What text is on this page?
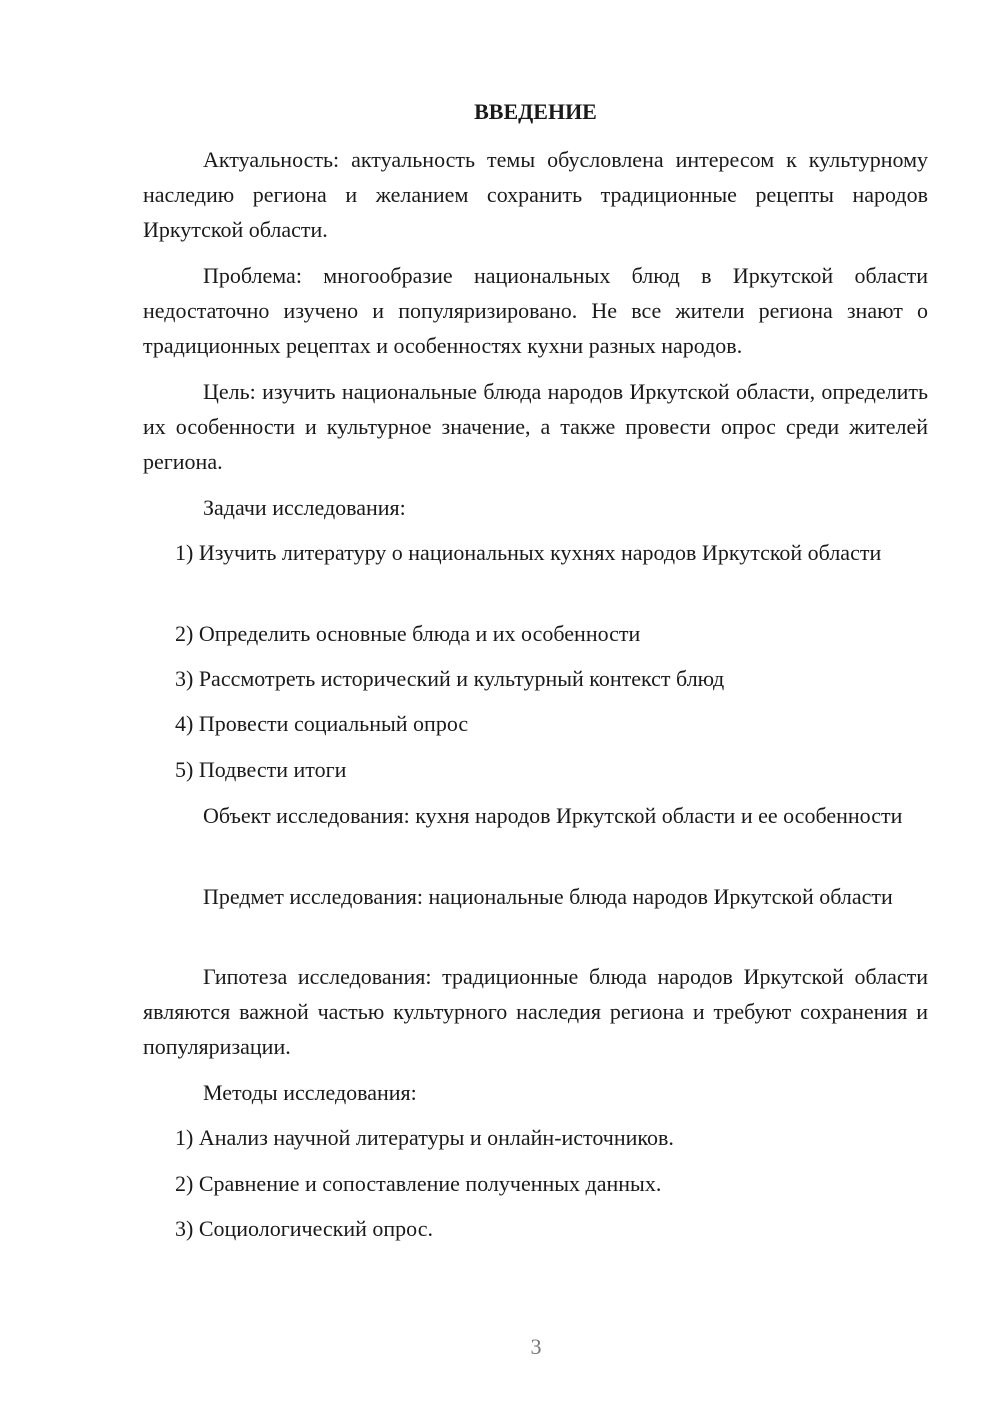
ВВЕДЕНИЕ

Актуальность: актуальность темы обусловлена интересом к культурному наследию региона и желанием сохранить традиционные рецепты народов Иркутской области.

Проблема: многообразие национальных блюд в Иркутской области недостаточно изучено и популяризировано. Не все жители региона знают о традиционных рецептах и особенностях кухни разных народов.

Цель: изучить национальные блюда народов Иркутской области, определить их особенности и культурное значение, а также провести опрос среди жителей региона.

Задачи исследования:

1) Изучить литературу о национальных кухнях народов Иркутской области

2) Определить основные блюда и их особенности

3) Рассмотреть исторический и культурный контекст блюд

4) Провести социальный опрос

5) Подвести итоги

Объект исследования: кухня народов Иркутской области и ее особенности

Предмет исследования: национальные блюда народов Иркутской области

Гипотеза исследования: традиционные блюда народов Иркутской области являются важной частью культурного наследия региона и требуют сохранения и популяризации.

Методы исследования:

1) Анализ научной литературы и онлайн-источников.

2) Сравнение и сопоставление полученных данных.

3) Социологический опрос.

3
